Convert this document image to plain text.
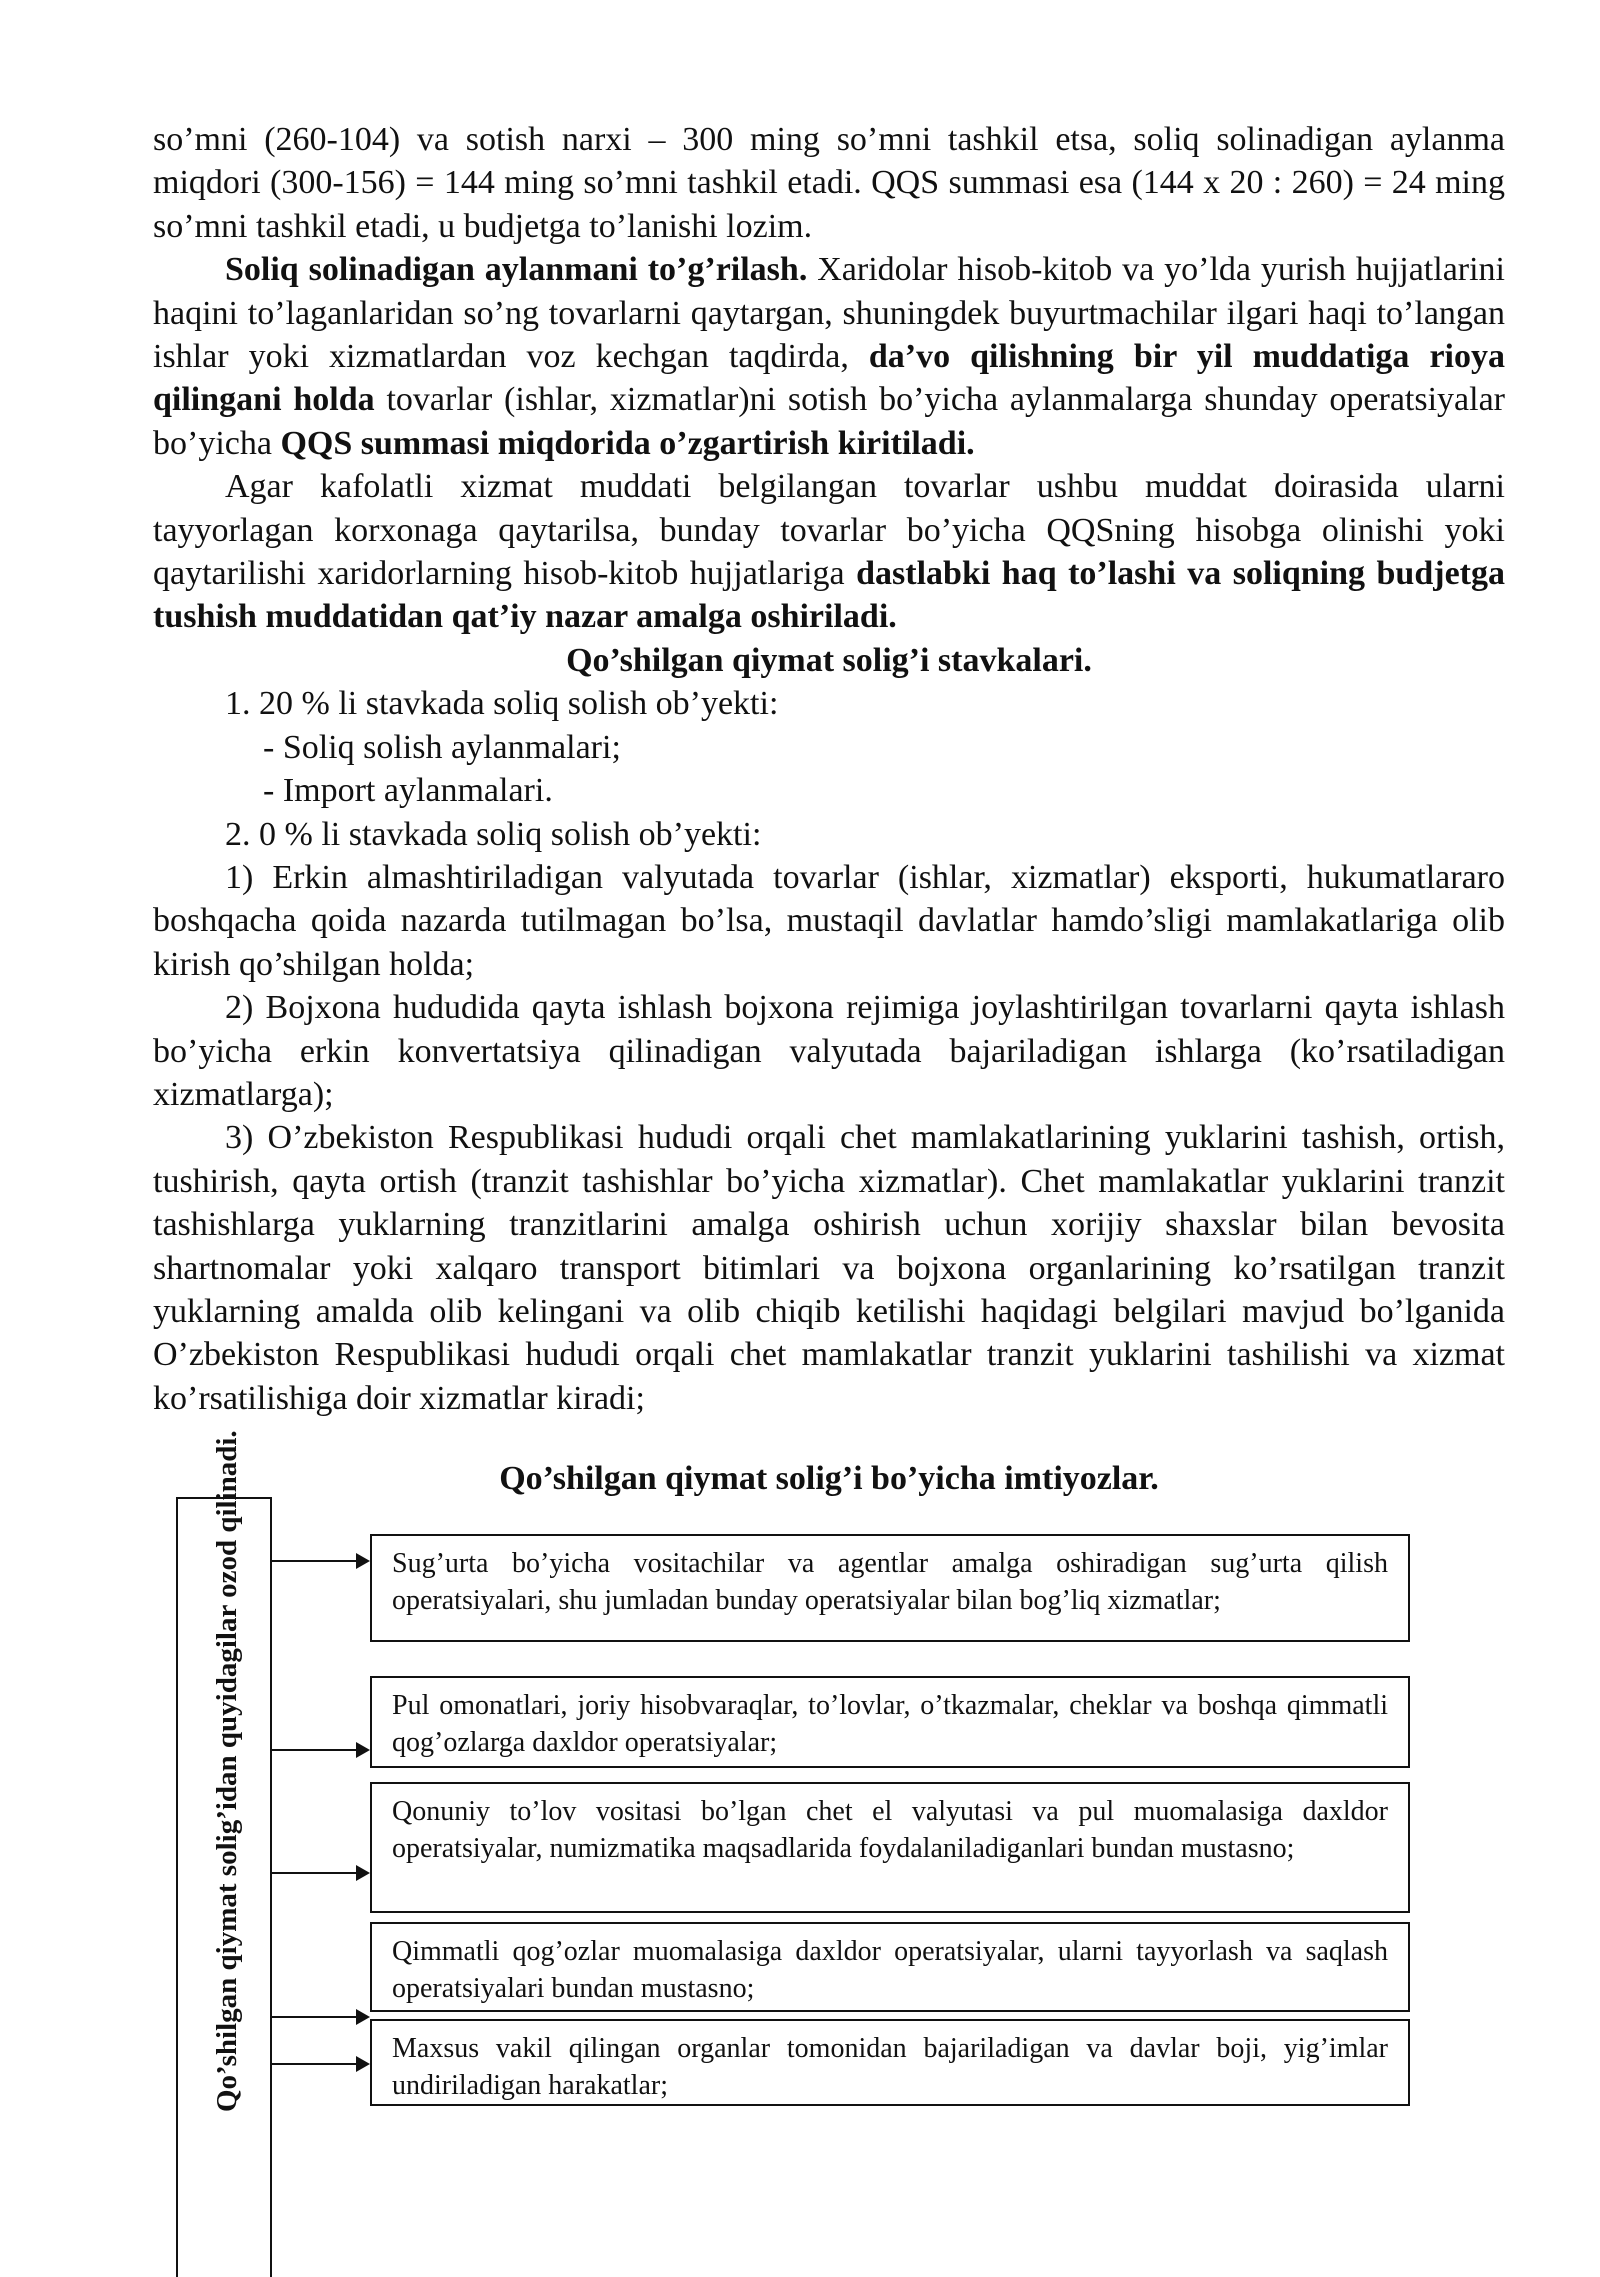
so’mni (260-104) va sotish narxi – 300 ming so’mni tashkil etsa, soliq solinadigan aylanma miqdori (300-156) = 144 ming so’mni tashkil etadi. QQS summasi esa (144 x 20 : 260) = 24 ming so’mni tashkil etadi, u budjetga to’lanishi lozim.

Soliq solinadigan aylanmani to’g’rilash. Xaridolar hisob-kitob va yo’lda yurish hujjatlarini haqini to’laganlaridan so’ng tovarlarni qaytargan, shuningdek buyurtmachilar ilgari haqi to’langan ishlar yoki xizmatlardan voz kechgan taqdirda, da’vo qilishning bir yil muddatiga rioya qilingani holda tovarlar (ishlar, xizmatlar)ni sotish bo’yicha aylanmalarga shunday operatsiyalar bo’yicha QQS summasi miqdorida o’zgartirish kiritiladi.

Agar kafolatli xizmat muddati belgilangan tovarlar ushbu muddat doirasida ularni tayyorlagan korxonaga qaytarilsa, bunday tovarlar bo’yicha QQSning hisobga olinishi yoki qaytarilishi xaridorlarning hisob-kitob hujjatlariga dastlabki haq to’lashi va soliqning budjetga tushish muddatidan qat’iy nazar amalga oshiriladi.

Qo’shilgan qiymat solig’i stavkalari.

1. 20 % li stavkada soliq solish ob’yekti:

- Soliq solish aylanmalari;

- Import aylanmalari.

2. 0 % li stavkada soliq solish ob’yekti:

1) Erkin almashtiriladigan valyutada tovarlar (ishlar, xizmatlar) eksporti, hukumatlararo boshqacha qoida nazarda tutilmagan bo’lsa, mustaqil davlatlar hamdo’sligi mamlakatlariga olib kirish qo’shilgan holda;

2) Bojxona hududida qayta ishlash bojxona rejimiga joylashtirilgan tovarlarni qayta ishlash bo’yicha erkin konvertatsiya qilinadigan valyutada bajariladigan ishlarga (ko’rsatiladigan xizmatlarga);

3) O’zbekiston Respublikasi hududi orqali chet mamlakatlarining yuklarini tashish, ortish, tushirish, qayta ortish (tranzit tashishlar bo’yicha xizmatlar). Chet mamlakatlar yuklarini tranzit tashishlarga yuklarning tranzitlarini amalga oshirish uchun xorijiy shaxslar bilan bevosita shartnomalar yoki xalqaro transport bitimlari va bojxona organlarining ko’rsatilgan tranzit yuklarning amalda olib kelingani va olib chiqib ketilishi haqidagi belgilari mavjud bo’lganida O’zbekiston Respublikasi hududi orqali chet mamlakatlar tranzit yuklarini tashilishi va xizmat ko’rsatilishiga doir xizmatlar kiradi;

Qo’shilgan qiymat solig’i bo’yicha imtiyozlar.

Qo’shilgan qiymat solig’idan quyidagilar ozod qilinadi.	Sug’urta bo’yicha vositachilar va agentlar amalga oshiradigan sug’urta qilish operatsiyalari, shu jumladan bunday operatsiyalar bilan bog’liq xizmatlar;
Pul omonatlari, joriy hisobvaraqlar, to’lovlar, o’tkazmalar, cheklar va boshqa qimmatli qog’ozlarga daxldor operatsiyalar;
Qonuniy to’lov vositasi bo’lgan chet el valyutasi va pul muomalasiga daxldor operatsiyalar, numizmatika maqsadlarida foydalaniladiganlari bundan mustasno;
Qimmatli qog’ozlar muomalasiga daxldor operatsiyalar, ularni tayyorlash va saqlash operatsiyalari bundan mustasno;
Maxsus vakil qilingan organlar tomonidan bajariladigan va davlar boji, yig’imlar undiriladigan harakatlar;
